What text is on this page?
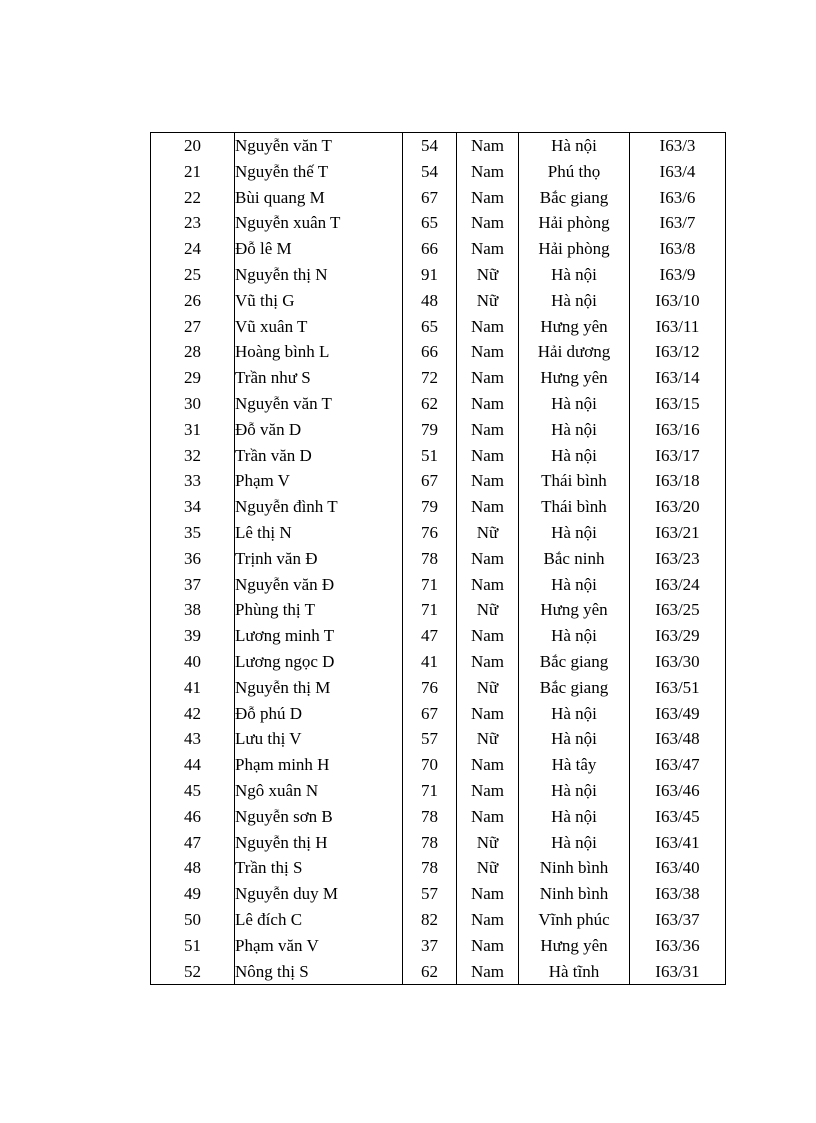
20	Nguyễn văn T	54	Nam	Hà nội	I63/3
21	Nguyễn thế T	54	Nam	Phú thọ	I63/4
22	Bùi quang M	67	Nam	Bắc giang	I63/6
23	Nguyễn xuân T	65	Nam	Hải phòng	I63/7
24	Đỗ lê M	66	Nam	Hải phòng	I63/8
25	Nguyễn thị N	91	Nữ	Hà nội	I63/9
26	Vũ thị G	48	Nữ	Hà nội	I63/10
27	Vũ xuân T	65	Nam	Hưng yên	I63/11
28	Hoàng bình L	66	Nam	Hải dương	I63/12
29	Trần như S	72	Nam	Hưng yên	I63/14
30	Nguyễn văn T	62	Nam	Hà nội	I63/15
31	Đỗ văn D	79	Nam	Hà nội	I63/16
32	Trần văn D	51	Nam	Hà nội	I63/17
33	Phạm V	67	Nam	Thái bình	I63/18
34	Nguyễn đình T	79	Nam	Thái bình	I63/20
35	Lê thị N	76	Nữ	Hà nội	I63/21
36	Trịnh văn Đ	78	Nam	Bắc ninh	I63/23
37	Nguyễn văn Đ	71	Nam	Hà nội	I63/24
38	Phùng thị T	71	Nữ	Hưng yên	I63/25
39	Lương minh T	47	Nam	Hà nội	I63/29
40	Lương ngọc D	41	Nam	Bắc giang	I63/30
41	Nguyễn thị M	76	Nữ	Bắc giang	I63/51
42	Đỗ phú D	67	Nam	Hà nội	I63/49
43	Lưu thị V	57	Nữ	Hà nội	I63/48
44	Phạm minh H	70	Nam	Hà tây	I63/47
45	Ngô xuân N	71	Nam	Hà nội	I63/46
46	Nguyễn sơn B	78	Nam	Hà nội	I63/45
47	Nguyễn thị H	78	Nữ	Hà nội	I63/41
48	Trần thị S	78	Nữ	Ninh bình	I63/40
49	Nguyễn duy M	57	Nam	Ninh bình	I63/38
50	Lê đích C	82	Nam	Vĩnh phúc	I63/37
51	Phạm văn V	37	Nam	Hưng yên	I63/36
52	Nông thị S	62	Nam	Hà tĩnh	I63/31
